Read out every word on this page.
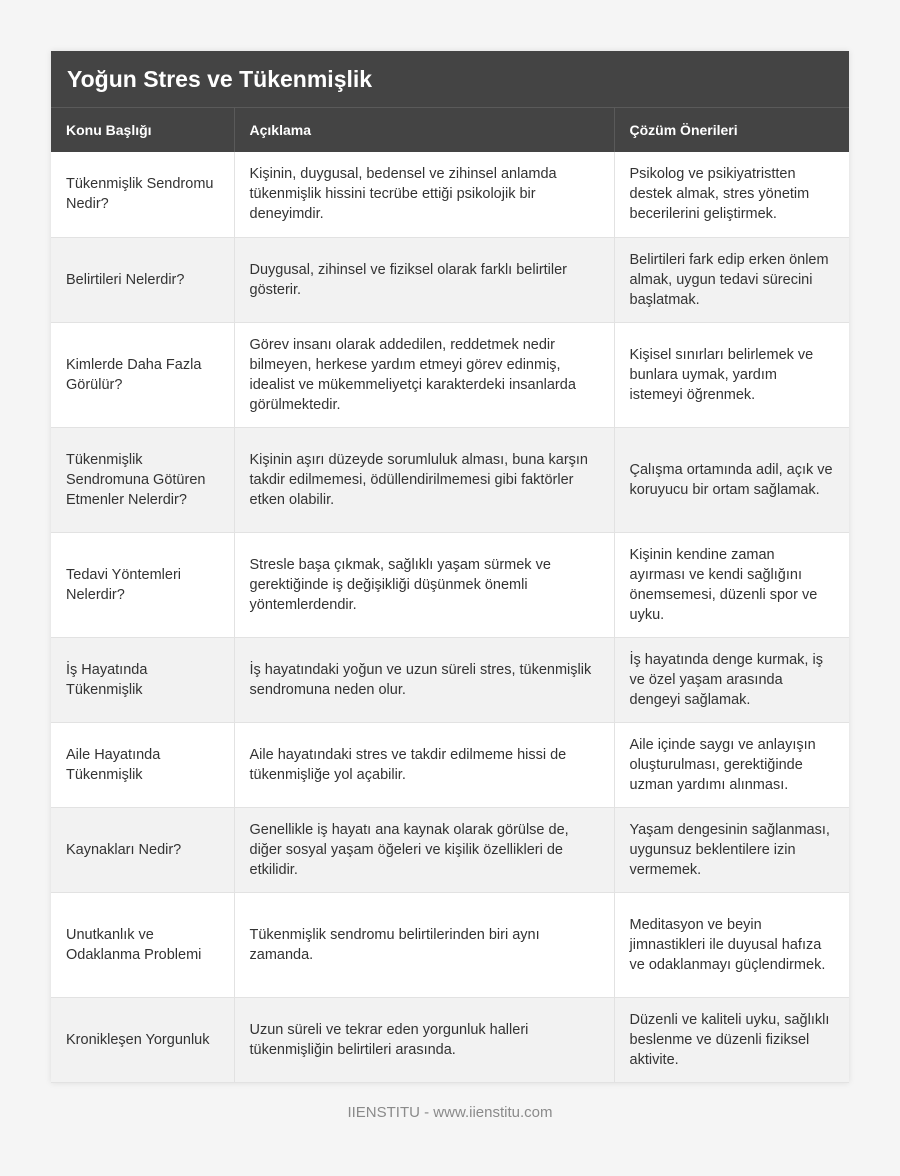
Yoğun Stres ve Tükenmişlik
Konu Başlığı	Açıklama	Çözüm Önerileri
Tükenmişlik Sendromu Nedir?	Kişinin, duygusal, bedensel ve zihinsel anlamda tükenmişlik hissini tecrübe ettiği psikolojik bir deneyimdir.	Psikolog ve psikiyatristten destek almak, stres yönetim becerilerini geliştirmek.
Belirtileri Nelerdir?	Duygusal, zihinsel ve fiziksel olarak farklı belirtiler gösterir.	Belirtileri fark edip erken önlem almak, uygun tedavi sürecini başlatmak.
Kimlerde Daha Fazla Görülür?	Görev insanı olarak addedilen, reddetmek nedir bilmeyen, herkese yardım etmeyi görev edinmiş, idealist ve mükemmeliyetçi karakterdeki insanlarda görülmektedir.	Kişisel sınırları belirlemek ve bunlara uymak, yardım istemeyi öğrenmek.
Tükenmişlik Sendromuna Götüren Etmenler Nelerdir?	Kişinin aşırı düzeyde sorumluluk alması, buna karşın takdir edilmemesi, ödüllendirilmemesi gibi faktörler etken olabilir.	Çalışma ortamında adil, açık ve koruyucu bir ortam sağlamak.
Tedavi Yöntemleri Nelerdir?	Stresle başa çıkmak, sağlıklı yaşam sürmek ve gerektiğinde iş değişikliği düşünmek önemli yöntemlerdendir.	Kişinin kendine zaman ayırması ve kendi sağlığını önemsemesi, düzenli spor ve uyku.
İş Hayatında Tükenmişlik	İş hayatındaki yoğun ve uzun süreli stres, tükenmişlik sendromuna neden olur.	İş hayatında denge kurmak, iş ve özel yaşam arasında dengeyi sağlamak.
Aile Hayatında Tükenmişlik	Aile hayatındaki stres ve takdir edilmeme hissi de tükenmişliğe yol açabilir.	Aile içinde saygı ve anlayışın oluşturulması, gerektiğinde uzman yardımı alınması.
Kaynakları Nedir?	Genellikle iş hayatı ana kaynak olarak görülse de, diğer sosyal yaşam öğeleri ve kişilik özellikleri de etkilidir.	Yaşam dengesinin sağlanması, uygunsuz beklentilere izin vermemek.
Unutkanlık ve Odaklanma Problemi	Tükenmişlik sendromu belirtilerinden biri aynı zamanda.	Meditasyon ve beyin jimnastikleri ile duyusal hafıza ve odaklanmayı güçlendirmek.
Kronikleşen Yorgunluk	Uzun süreli ve tekrar eden yorgunluk halleri tükenmişliğin belirtileri arasında.	Düzenli ve kaliteli uyku, sağlıklı beslenme ve düzenli fiziksel aktivite.
IIENSTITU - www.iienstitu.com
